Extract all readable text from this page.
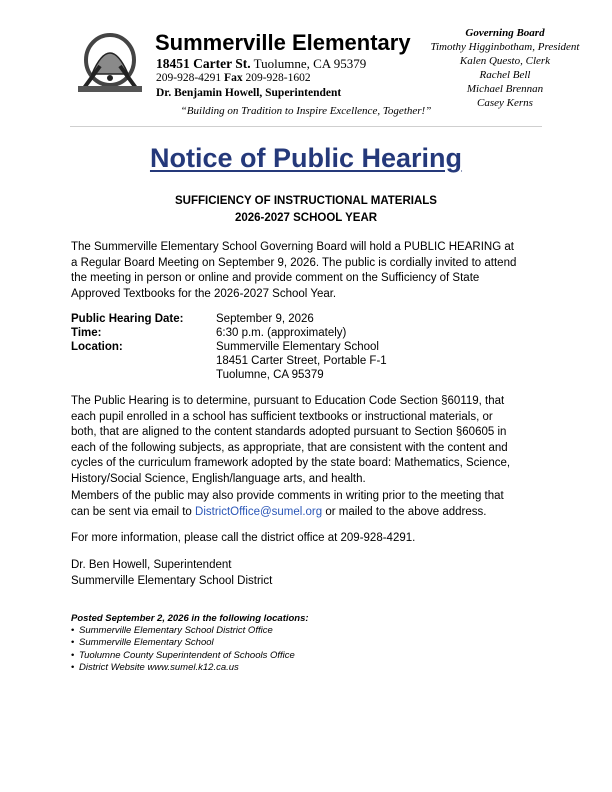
Summerville Elementary
18451 Carter St. Tuolumne, CA 95379
209-928-4291 Fax 209-928-1602
Dr. Benjamin Howell, Superintendent
“Building on Tradition to Inspire Excellence, Together!”
Governing Board
Timothy Higginbotham, President
Kalen Questo, Clerk
Rachel Bell
Michael Brennan
Casey Kerns
Notice of Public Hearing
SUFFICIENCY OF INSTRUCTIONAL MATERIALS
2026-2027 SCHOOL YEAR
The Summerville Elementary School Governing Board will hold a PUBLIC HEARING at
a Regular Board Meeting on September 9, 2026. The public is cordially invited to attend
the meeting in person or online and provide comment on the Sufficiency of State
Approved Textbooks for the 2026-2027 School Year.
Public Hearing Date:	September 9, 2026
Time:	6:30 p.m. (approximately)
Location:	Summerville Elementary School
18451 Carter Street, Portable F-1
Tuolumne, CA 95379
The Public Hearing is to determine, pursuant to Education Code Section §60119, that
each pupil enrolled in a school has sufficient textbooks or instructional materials, or
both, that are aligned to the content standards adopted pursuant to Section §60605 in
each of the following subjects, as appropriate, that are consistent with the content and
cycles of the curriculum framework adopted by the state board: Mathematics, Science,
History/Social Science, English/language arts, and health.
Members of the public may also provide comments in writing prior to the meeting that
can be sent via email to DistrictOffice@sumel.org or mailed to the above address.
For more information, please call the district office at 209-928-4291.
Dr. Ben Howell, Superintendent
Summerville Elementary School District
Posted September 2, 2026 in the following locations:
• Summerville Elementary School District Office
• Summerville Elementary School
• Tuolumne County Superintendent of Schools Office
• District Website www.sumel.k12.ca.us
